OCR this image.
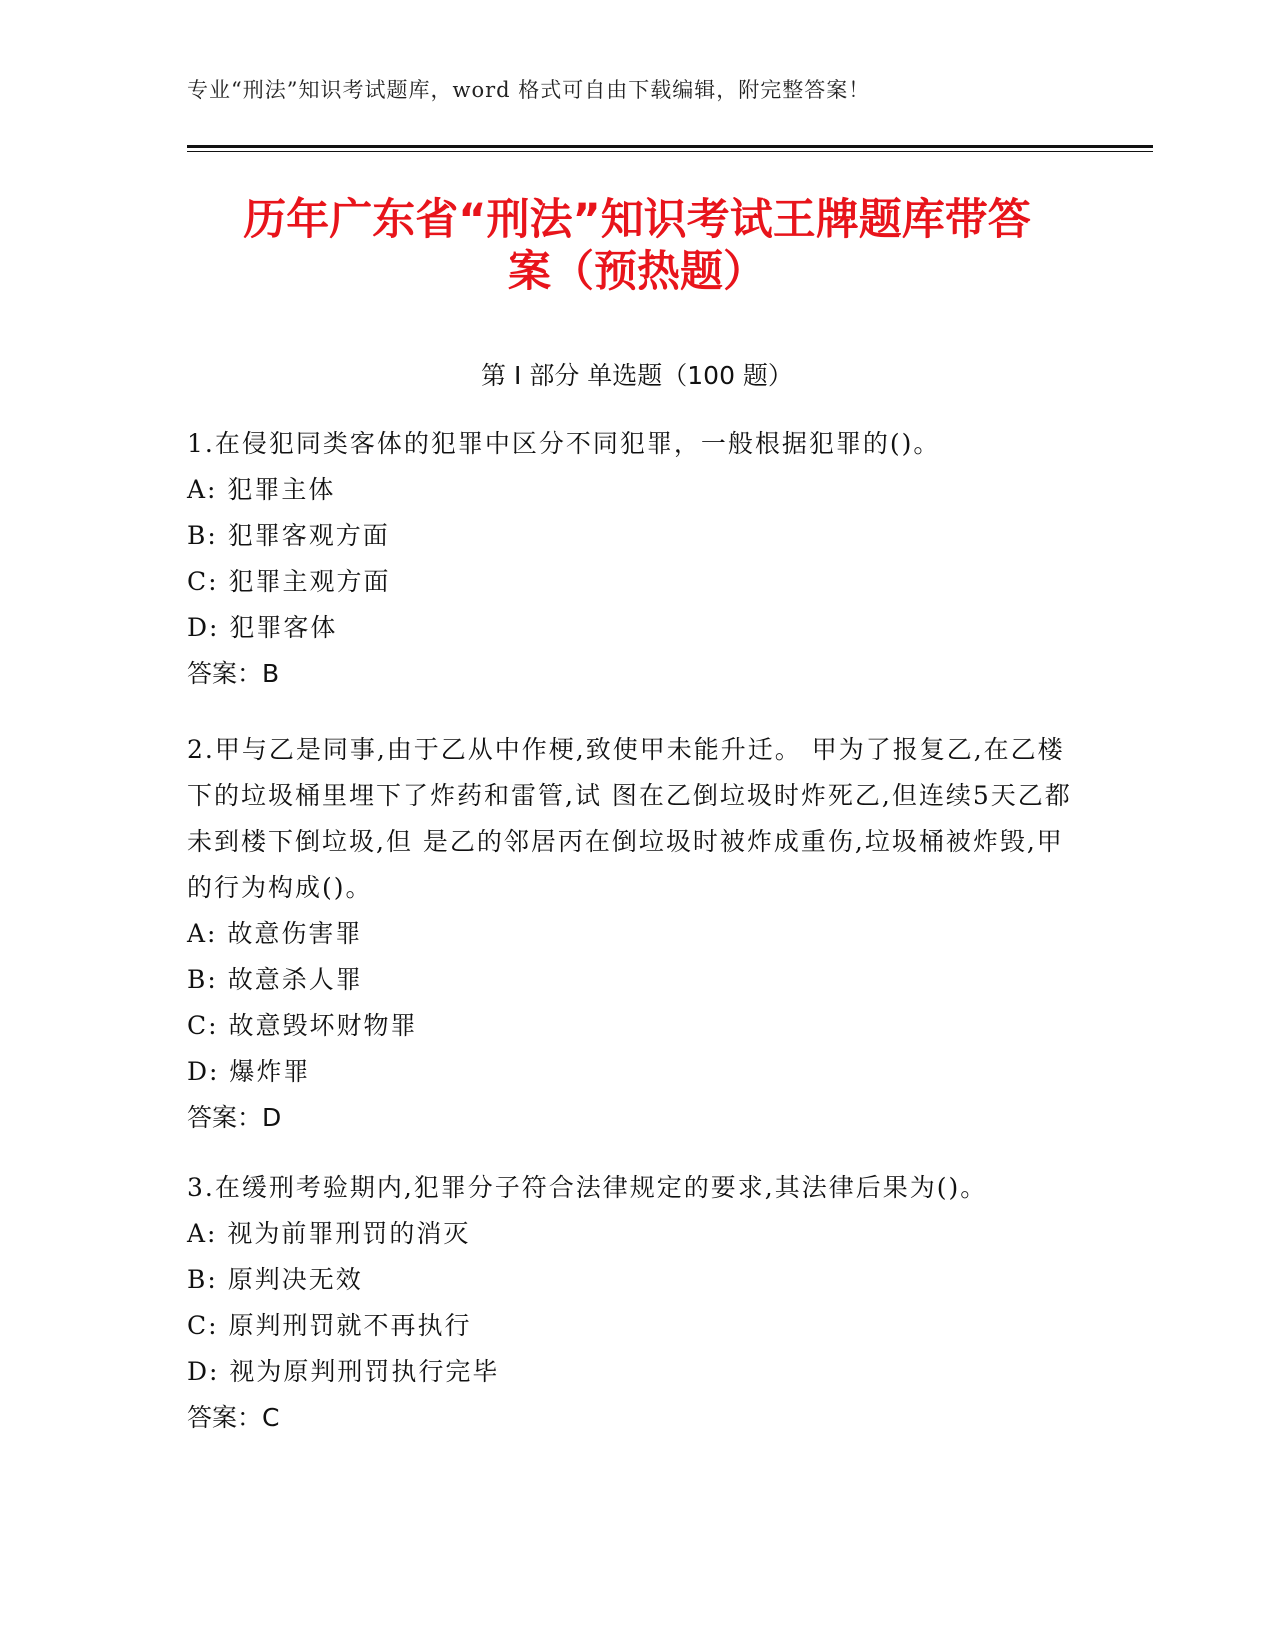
专业“刑法”知识考试题库，word 格式可自由下载编辑，附完整答案！
历年广东省“刑法”知识考试王牌题库带答
案（预热题）
第 I 部分 单选题（100 题）

1.在侵犯同类客体的犯罪中区分不同犯罪，一般根据犯罪的()。

A: 犯罪主体

B: 犯罪客观方面

C: 犯罪主观方面

D: 犯罪客体

答案：B

2.甲与乙是同事,由于乙从中作梗,致使甲未能升迁。 甲为了报复乙,在乙楼下的垃圾桶里埋下了炸药和雷管,试 图在乙倒垃圾时炸死乙,但连续5天乙都未到楼下倒垃圾,但 是乙的邻居丙在倒垃圾时被炸成重伤,垃圾桶被炸毁,甲的行为构成()。

A: 故意伤害罪

B: 故意杀人罪

C: 故意毁坏财物罪

D: 爆炸罪

答案：D

3.在缓刑考验期内,犯罪分子符合法律规定的要求,其法律后果为()。

A: 视为前罪刑罚的消灭

B: 原判决无效

C: 原判刑罚就不再执行

D: 视为原判刑罚执行完毕

答案：C
